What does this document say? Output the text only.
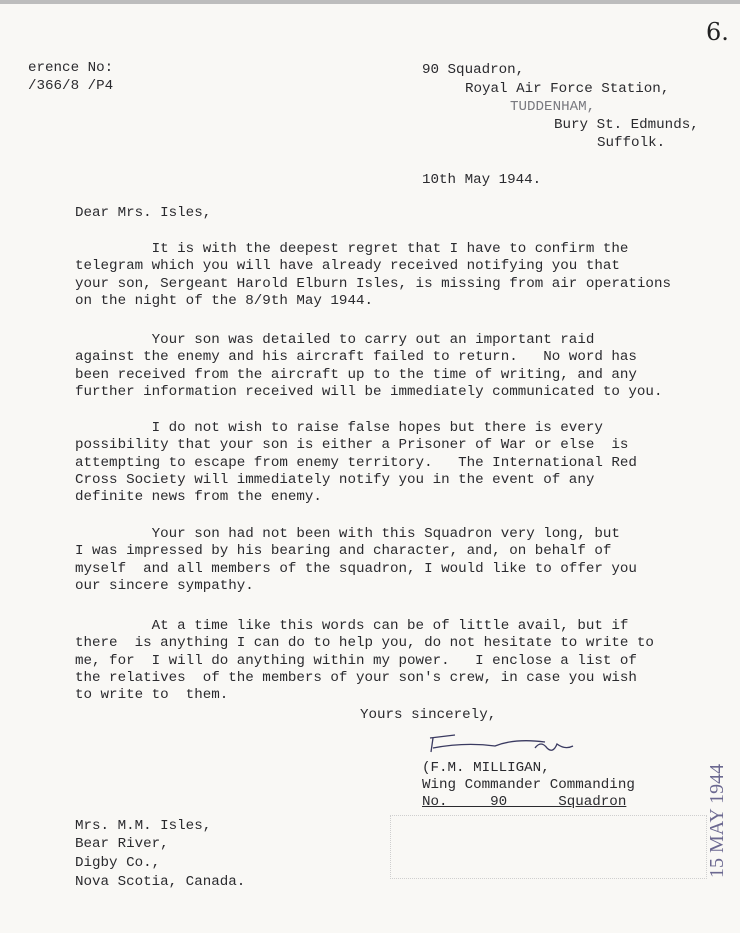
6.
erence No:
/366/8 /P4
90 Squadron,
Royal Air Force Station,
TUDDENHAM,
Bury St. Edmunds,
Suffolk.
10th May 1944.
Dear Mrs. Isles,
It is with the deepest regret that I have to confirm the
telegram which you will have already received notifying you that
your son, Sergeant Harold Elburn Isles, is missing from air operations
on the night of the 8/9th May 1944.
Your son was detailed to carry out an important raid
against the enemy and his aircraft failed to return.   No word has
been received from the aircraft up to the time of writing, and any
further information received will be immediately communicated to you.
I do not wish to raise false hopes but there is every
possibility that your son is either a Prisoner of War or else  is
attempting to escape from enemy territory.   The International Red
Cross Society will immediately notify you in the event of any
definite news from the enemy.
Your son had not been with this Squadron very long, but
I was impressed by his bearing and character, and, on behalf of
myself  and all members of the squadron, I would like to offer you
our sincere sympathy.
At a time like this words can be of little avail, but if
there  is anything I can do to help you, do not hesitate to write to
me, for  I will do anything within my power.   I enclose a list of
the relatives  of the members of your son's crew, in case you wish
to write to  them.
Yours sincerely,
(F.M. MILLIGAN,
Wing Commander Commanding
No.     90      Squadron	15 MAY 1944
Mrs. M.M. Isles,
Bear River,
Digby Co.,
Nova Scotia, Canada.
